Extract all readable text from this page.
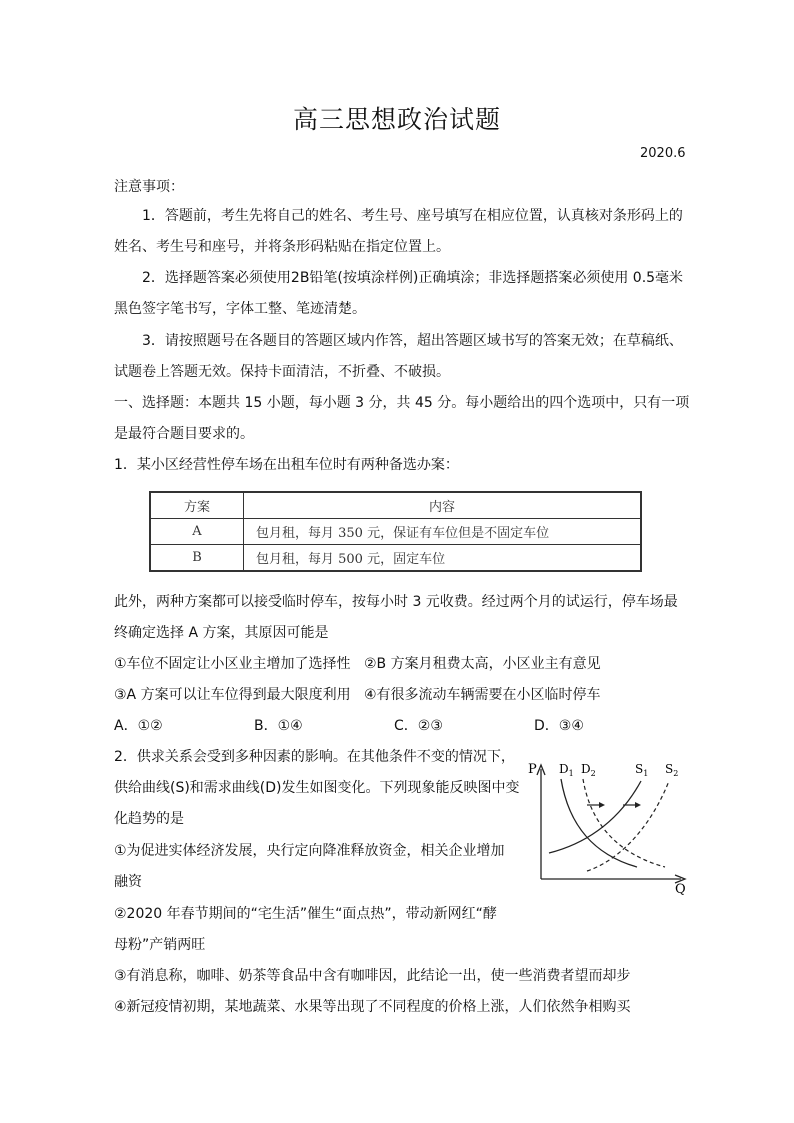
高三思想政治试题
2020.6
注意事项：
1．答题前，考生先将自己的姓名、考生号、座号填写在相应位置，认真核对条形码上的
姓名、考生号和座号，并将条形码粘贴在指定位置上。
2．选择题答案必须使用2B铅笔(按填涂样例)正确填涂；非选择题搭案必须使用 0.5毫米
黑色签字笔书写，字体工整、笔迹清楚。
3．请按照题号在各题目的答题区域内作答，超出答题区域书写的答案无效；在草稿纸、
试题卷上答题无效。保持卡面清洁，不折叠、不破损。
一、选择题：本题共 15 小题，每小题 3 分，共 45 分。每小题给出的四个选项中，只有一项
是最符合题目要求的。
1．某小区经营性停车场在出租车位时有两种备选办案：
方案	内容
A	包月租，每月 350 元，保证有车位但是不固定车位
B	包月租，每月 500 元，固定车位
此外，两种方案都可以接受临时停车，按每小时 3 元收费。经过两个月的试运行，停车场最
终确定选择 A 方案，其原因可能是
①车位不固定让小区业主增加了选择性 ②B 方案月租费太高，小区业主有意见
③A 方案可以让车位得到最大限度利用 ④有很多流动车辆需要在小区临时停车
A．①②	B．①④	C．②③	D．③④
2．供求关系会受到多种因素的影响。在其他条件不变的情况下，
供给曲线(S)和需求曲线(D)发生如图变化。下列现象能反映图中变
化趋势的是
①为促进实体经济发展，央行定向降准释放资金，相关企业增加
融资
②2020 年春节期间的“宅生活”催生“面点热”，带动新网红“酵
母粉”产销两旺
③有消息称，咖啡、奶茶等食品中含有咖啡因，此结论一出，使一些消费者望而却步
④新冠疫情初期，某地蔬菜、水果等出现了不同程度的价格上涨，人们依然争相购买
P
Q
$D_1$ $D_2$	$S_1$ $S_2$
